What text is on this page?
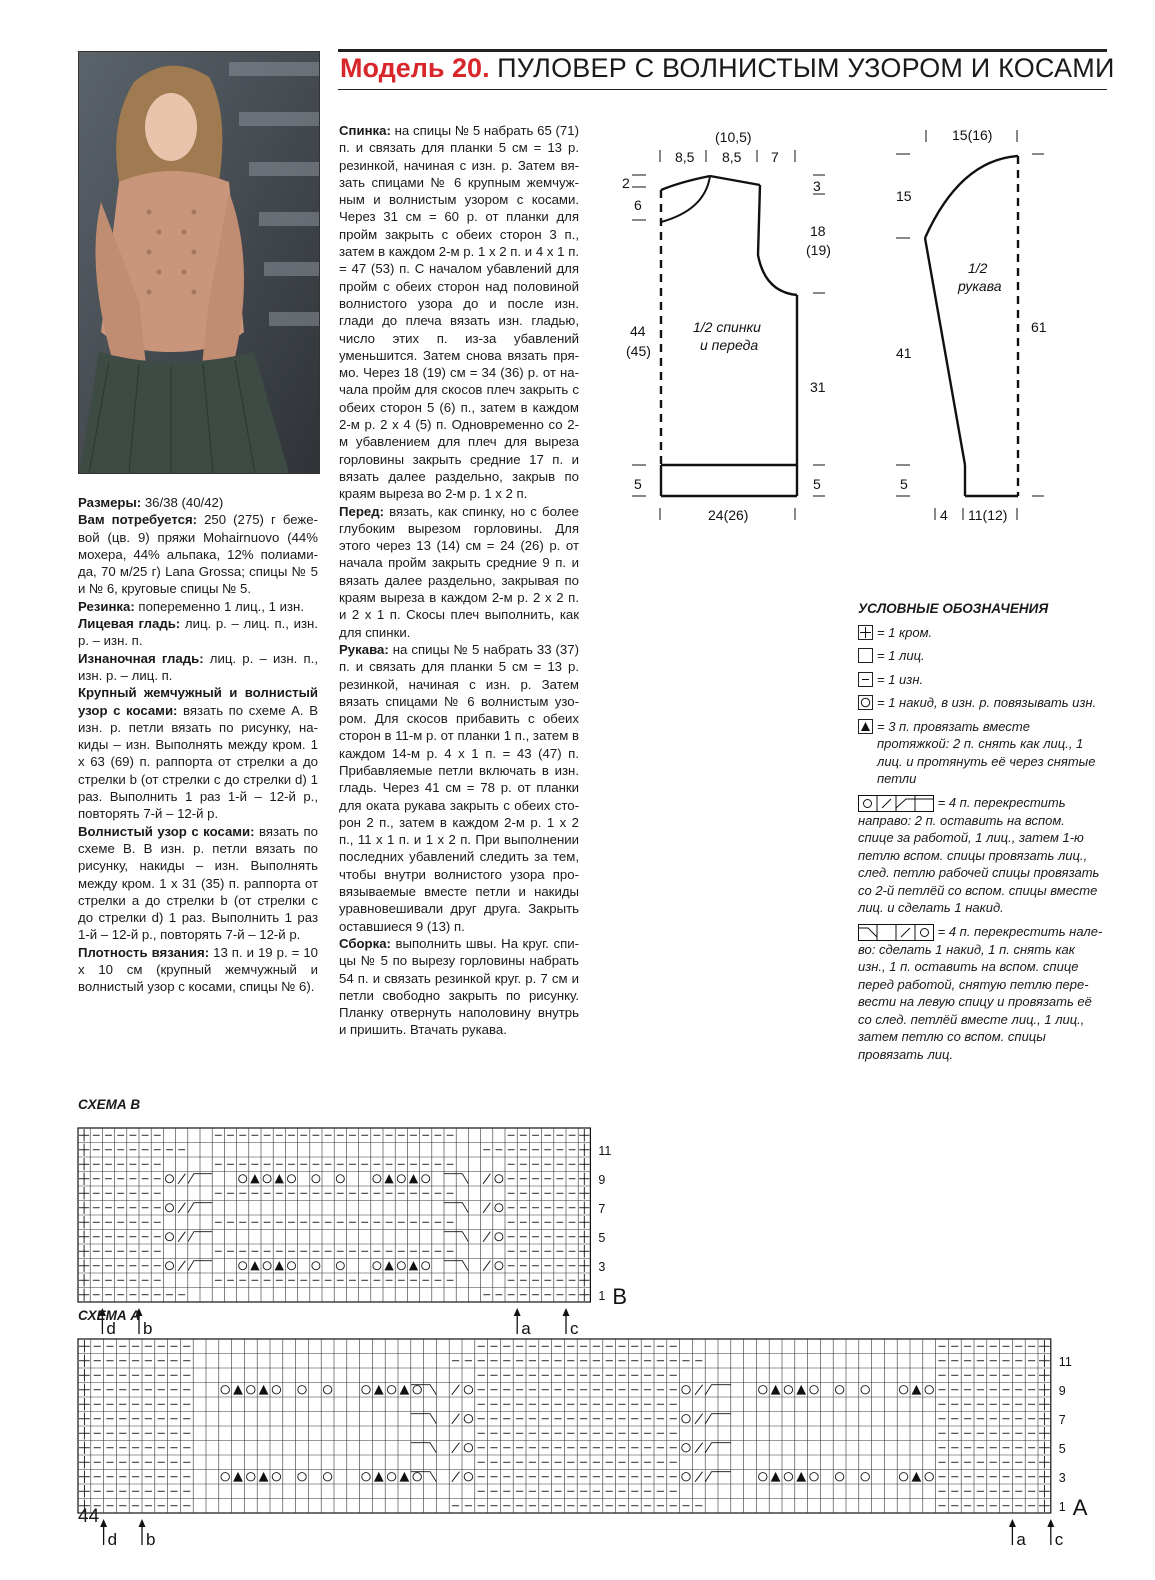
Модель 20. ПУЛОВЕР С ВОЛНИСТЫМ УЗОРОМ И КОСАМИ

Размеры: 36/38 (40/42)

Вам потребуется: 250 (275) г бежевой (цв. 9) пряжи Mohairnuovo (44% мохера, 44% альпака, 12% полиамида, 70 м/25 г) Lana Grossa; спицы № 5 и № 6, круговые спицы № 5.

Резинка: попеременно 1 лиц., 1 изн.

Лицевая гладь: лиц. р. – лиц. п., изн. р. – изн. п.

Изнаночная гладь: лиц. р. – изн. п., изн. р. – лиц. п.

Крупный жемчужный и волнистый узор с косами: вязать по схеме А. В изн. р. петли вязать по рисунку, накиды – изн. Выполнять между кром. 1 х 63 (69) п. раппорта от стрелки a до стрелки b (от стрелки c до стрелки d) 1 раз. Выполнить 1 раз 1-й – 12-й р., повторять 7-й – 12-й р.

Волнистый узор с косами: вязать по схеме В. В изн. р. петли вязать по рисунку, накиды – изн. Выполнять между кром. 1 х 31 (35) п. раппорта от стрелки a до стрелки b (от стрелки c до стрелки d) 1 раз. Выполнить 1 раз 1-й – 12-й р., повторять 7-й – 12-й р.

Плотность вязания: 13 п. и 19 р. = 10 х 10 см (крупный жемчужный и волнистый узор с косами, спицы № 6).

Спинка: на спицы № 5 набрать 65 (71) п. и связать для планки 5 см = 13 р. резинкой, начиная с изн. р. Затем вязать спицами № 6 крупным жемчужным и волнистым узором с косами. Через 31 см = 60 р. от планки для пройм закрыть с обеих сторон 3 п., затем в каждом 2-м р. 1 х 2 п. и 4 х 1 п. = 47 (53) п. С началом убавлений для пройм с обеих сторон над половиной волнистого узора до и после изн. глади до плеча вязать изн. гладью, число этих п. из-за убавлений уменьшится. Затем снова вязать прямо. Через 18 (19) см = 34 (36) р. от начала пройм для скосов плеч закрыть с обеих сторон 5 (6) п., затем в каждом 2-м р. 2 х 4 (5) п. Одновременно со 2-м убавлением для плеч для выреза горловины закрыть средние 17 п. и вязать далее раздельно, закрыв по краям выреза во 2-м р. 1 х 2 п.

Перед: вязать, как спинку, но с более глубоким вырезом горловины. Для этого через 13 (14) см = 24 (26) р. от начала пройм закрыть средние 9 п. и вязать далее раздельно, закрывая по краям выреза в каждом 2-м р. 2 х 2 п. и 2 х 1 п. Скосы плеч выполнить, как для спинки.

Рукава: на спицы № 5 набрать 33 (37) п. и связать для планки 5 см = 13 р. резинкой, начиная с изн. р. Затем вязать спицами № 6 волнистым узором. Для скосов прибавить с обеих сторон в 11-м р. от планки 1 п., затем в каждом 14-м р. 4 х 1 п. = 43 (47) п. Прибавляемые петли включать в изн. гладь. Через 41 см = 78 р. от планки для оката рукава закрыть с обеих сторон 2 п., затем в каждом 2-м р. 1 х 2 п., 11 х 1 п. и 1 х 2 п. При выполнении последних убавлений следить за тем, чтобы внутри волнистого узора провязываемые вместе петли и накиды уравновешивали друг друга. Закрыть оставшиеся 9 (13) п.

Сборка: выполнить швы. На круг. спицы № 5 по вырезу горловины набрать 54 п. и связать резинкой круг. р. 7 см и петли свободно закрыть по рисунку. Планку отвернуть наполовину внутрь и пришить. Втачать рукава.

(10,5)
8,5 8,5 7
2
6
3
18
(19)
44
(45)
1/2 спинки
и переда
31
5	5
24(26)
15(16)
15
1/2
рукава
61
41
5
4 11(12)
УСЛОВНЫЕ ОБОЗНАЧЕНИЯ
= 1 кром.
= 1 лиц.
= 1 изн.
= 1 накид, в изн. р. повязывать изн.
= 3 п. провязать вместе протяжкой: 2 п. снять как лиц., 1 лиц. и протянуть её через снятые петли
= 4 п. перекрестить направо: 2 п. оставить на вспом. спице за работой, 1 лиц., затем 1-ю петлю вспом. спицы провязать лиц., след. петлю рабочей спицы провязать со 2-й петлёй со вспом. спицы вместе лиц. и сделать 1 накид.
= 4 п. перекрестить налево: сделать 1 накид, 1 п. снять как изн., 1 п. оставить на вспом. спице перед работой, снятую петлю перевести на левую спицу и провязать её со след. петлёй вместе лиц., 1 лиц., затем петлю со вспом. спицы провязать лиц.
СХЕМА В
11
9
7
5
3
1 B
d b	a c
СХЕМА А
11
9
7
5
3
1 A
d b	a c
44
